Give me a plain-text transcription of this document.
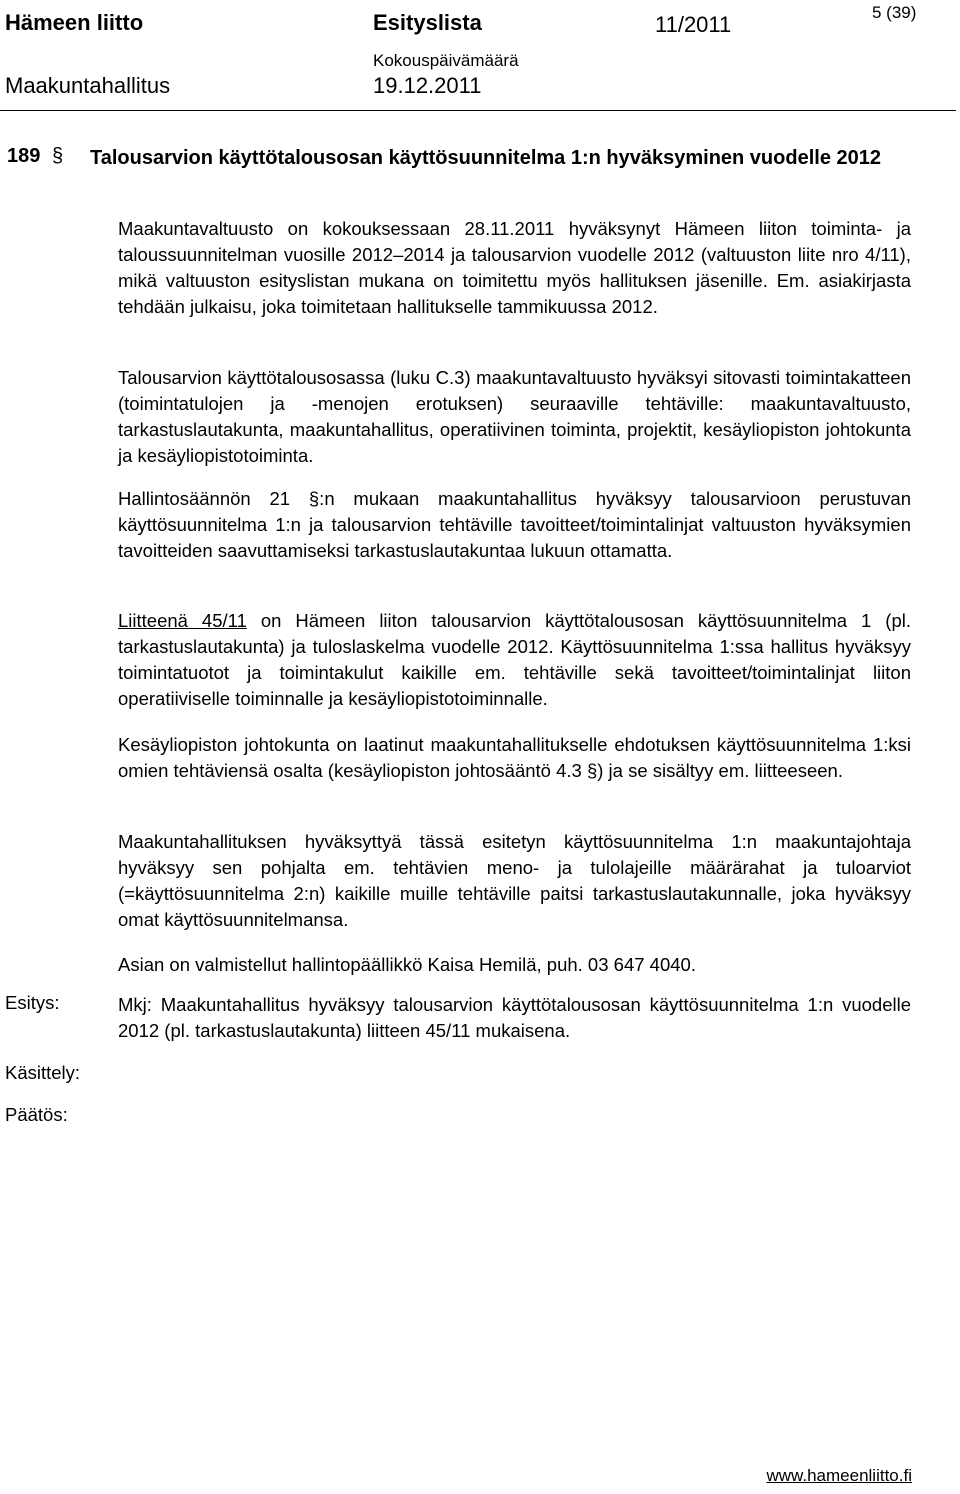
Hämeen liitto	Esityslista	11/2011	5 (39)
Maakuntahallitus
Kokouspäivämäärä
19.12.2011
189 § Talousarvion käyttötalousosan käyttösuunnitelma 1:n hyväksyminen vuodelle 2012

Maakuntavaltuusto on kokouksessaan 28.11.2011 hyväksynyt Hämeen liiton toiminta- ja taloussuunnitelman vuosille 2012–2014 ja talousarvion vuodelle 2012 (valtuuston liite nro 4/11), mikä valtuuston esityslistan mukana on toimitettu myös hallituksen jäsenille. Em. asiakirjasta tehdään julkaisu, joka toimitetaan hallitukselle tammikuussa 2012.

Talousarvion käyttötalousosassa (luku C.3) maakuntavaltuusto hyväksyi sitovasti toimintakatteen (toimintatulojen ja -menojen erotuksen) seuraaville tehtäville: maakuntavaltuusto, tarkastuslautakunta, maakuntahallitus, operatiivinen toiminta, projektit, kesäyliopiston johtokunta ja kesäyliopistotoiminta.

Hallintosäännön 21 §:n mukaan maakuntahallitus hyväksyy talousarvioon perustuvan käyttösuunnitelma 1:n ja talousarvion tehtäville tavoitteet/toimintalinjat valtuuston hyväksymien tavoitteiden saavuttamiseksi tarkastuslautakuntaa lukuun ottamatta.

Liitteenä 45/11 on Hämeen liiton talousarvion käyttötalousosan käyttösuunnitelma 1 (pl. tarkastuslautakunta) ja tuloslaskelma vuodelle 2012. Käyttösuunnitelma 1:ssa hallitus hyväksyy toimintatuotot ja toimintakulut kaikille em. tehtäville sekä tavoitteet/toimintalinjat liiton operatiiviselle toiminnalle ja kesäyliopistotoiminnalle.

Kesäyliopiston johtokunta on laatinut maakuntahallitukselle ehdotuksen käyttösuunnitelma 1:ksi omien tehtäviensä osalta (kesäyliopiston johtosääntö 4.3 §) ja se sisältyy em. liitteeseen.

Maakuntahallituksen hyväksyttyä tässä esitetyn käyttösuunnitelma 1:n maakuntajohtaja hyväksyy sen pohjalta em. tehtävien meno- ja tulolajeille määrärahat ja tuloarviot (=käyttösuunnitelma 2:n) kaikille muille tehtäville paitsi tarkastuslautakunnalle, joka hyväksyy omat käyttösuunnitelmansa.

Asian on valmistellut hallintopäällikkö Kaisa Hemilä, puh. 03 647 4040.

Mkj: Maakuntahallitus hyväksyy talousarvion käyttötalousosan käyttösuunnitelma 1:n vuodelle 2012 (pl. tarkastuslautakunta) liitteen 45/11 mukaisena.

Esitys:
Käsittely:
Päätös:
www.hameenliitto.fi
